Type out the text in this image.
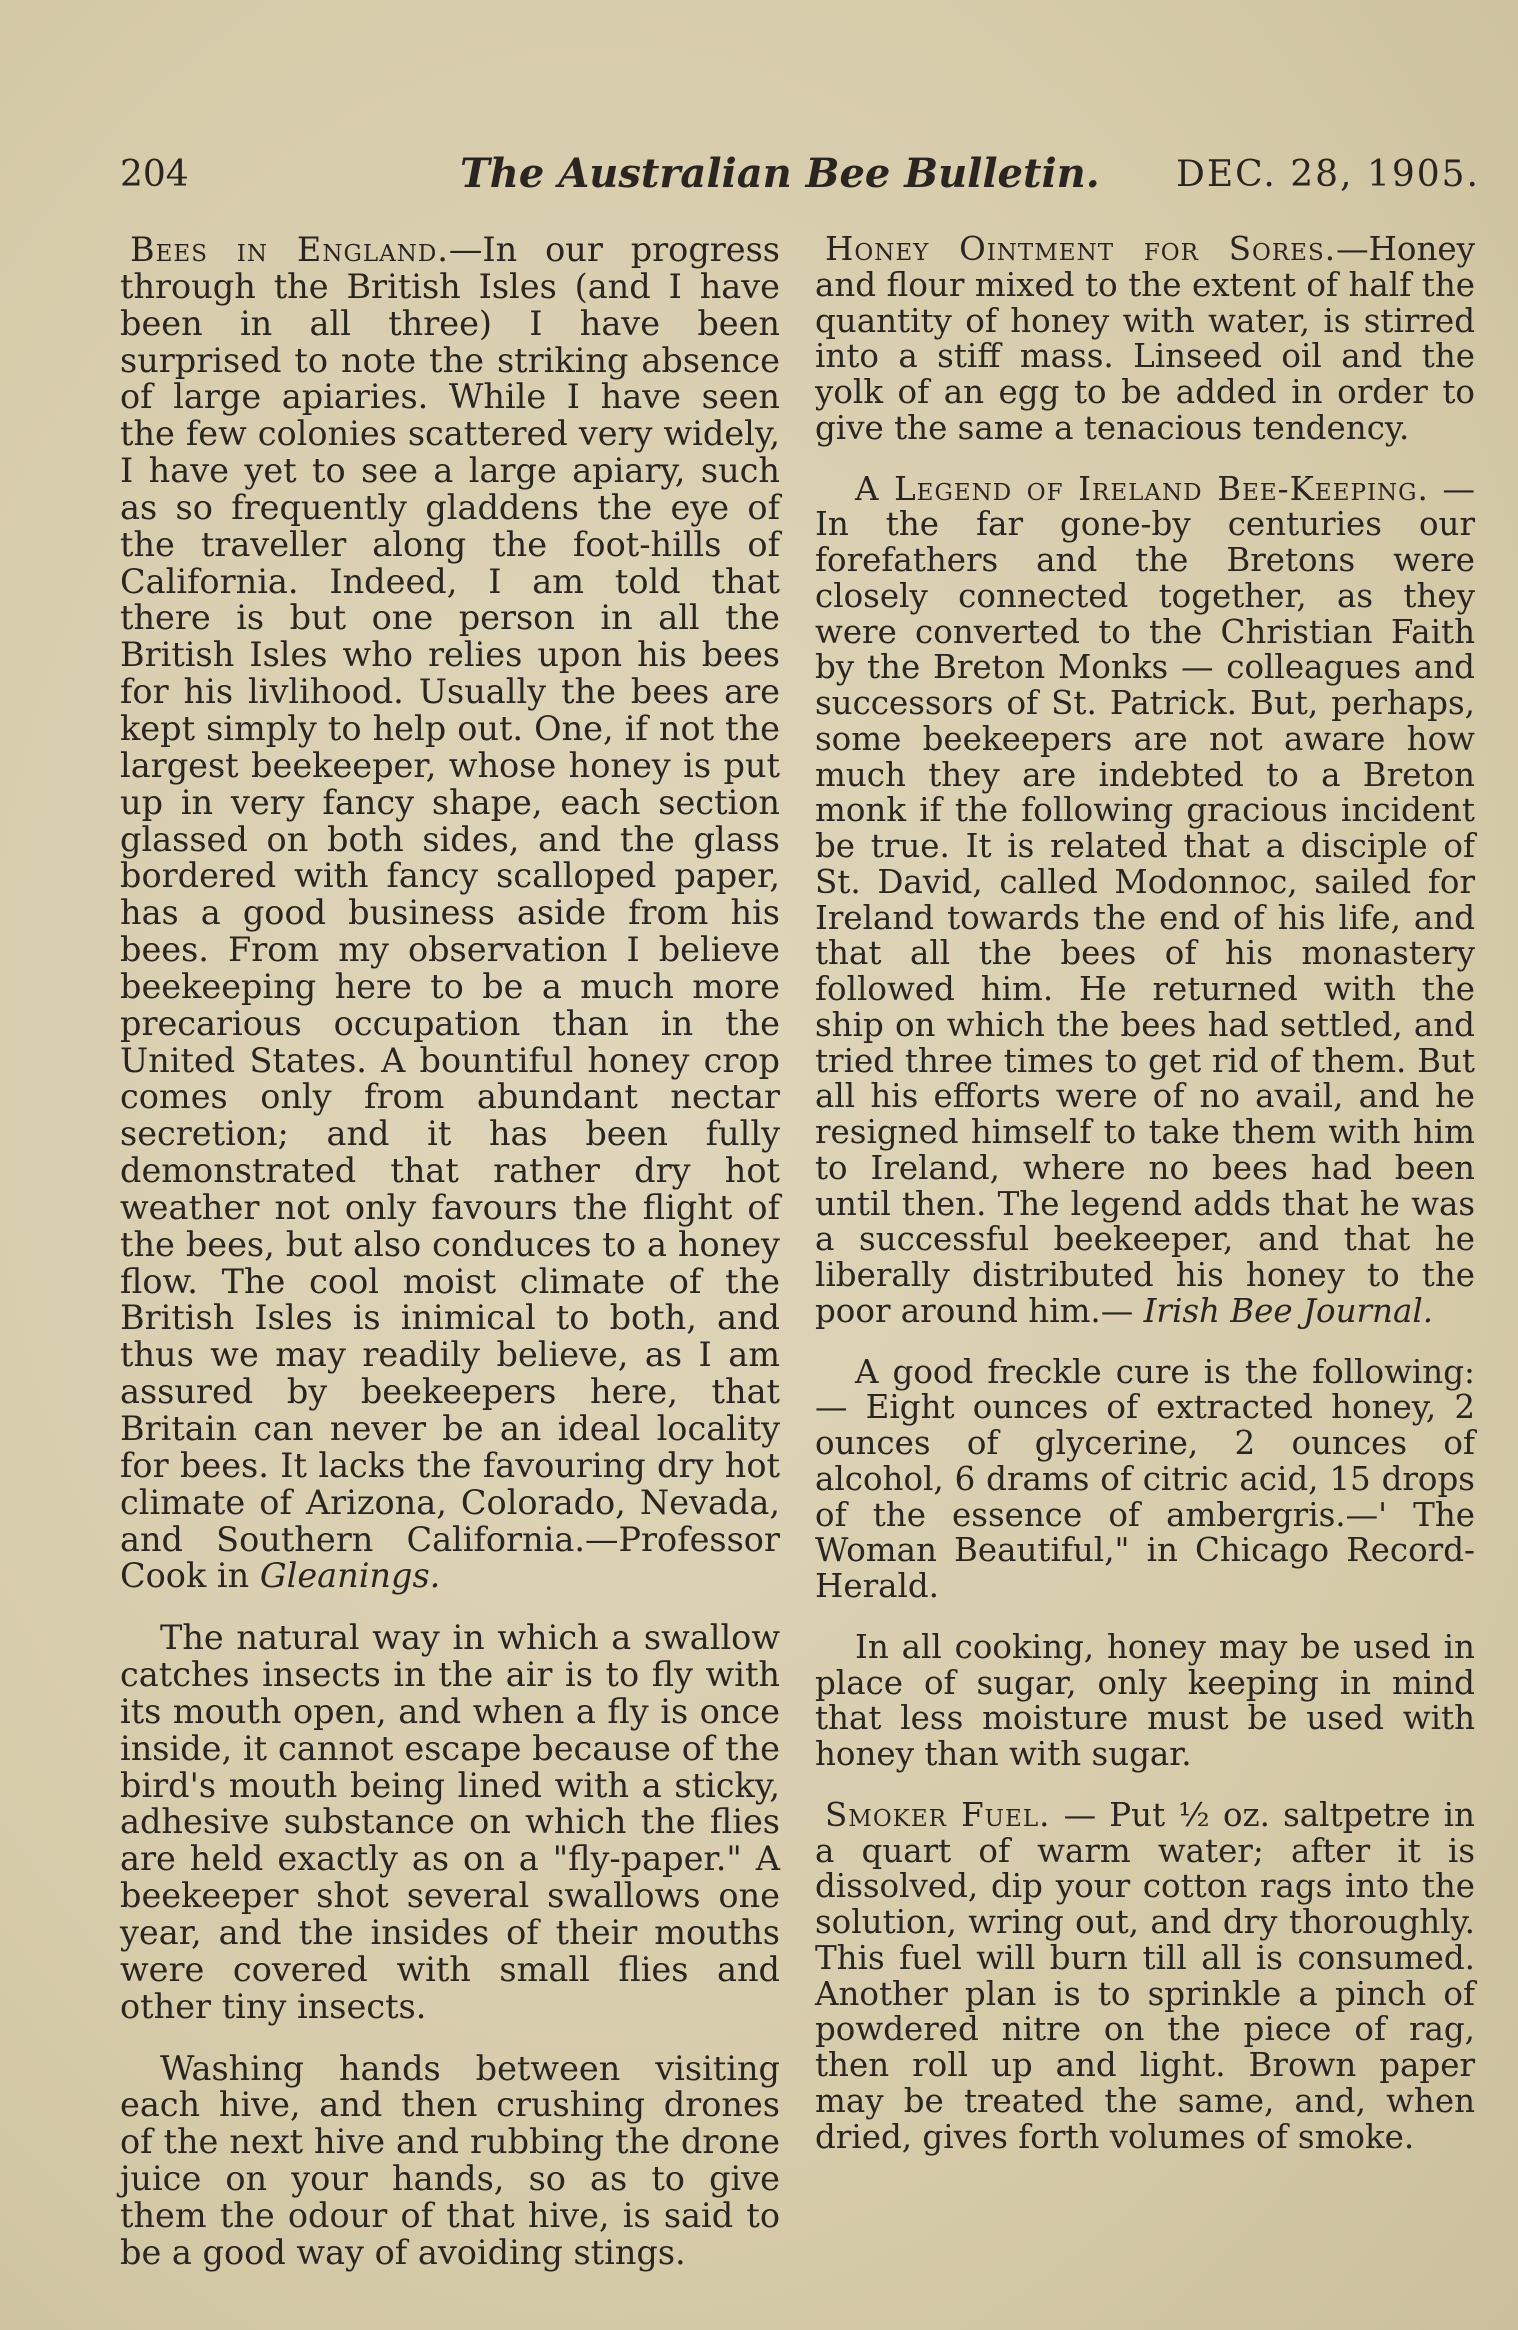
204	The Australian Bee Bulletin. DEC. 28, 1905.

Bees in England.—In our progress through the British Isles (and I have been in all three) I have been surprised to note the striking absence of large apiaries. While I have seen the few colonies scattered very widely, I have yet to see a large apiary, such as so frequently gladdens the eye of the traveller along the foot-hills of California. Indeed, I am told that there is but one person in all the British Isles who relies upon his bees for his livlihood. Usually the bees are kept simply to help out. One, if not the largest beekeeper, whose honey is put up in very fancy shape, each section glassed on both sides, and the glass bordered with fancy scalloped paper, has a good business aside from his bees. From my observation I believe beekeeping here to be a much more precarious occupation than in the United States. A bountiful honey crop comes only from abundant nectar secretion; and it has been fully demonstrated that rather dry hot weather not only favours the flight of the bees, but also conduces to a honey flow. The cool moist climate of the British Isles is inimical to both, and thus we may readily believe, as I am assured by beekeepers here, that Britain can never be an ideal locality for bees. It lacks the favouring dry hot climate of Arizona, Colorado, Nevada, and Southern California.—Professor Cook in Gleanings.

The natural way in which a swallow catches insects in the air is to fly with its mouth open, and when a fly is once inside, it cannot escape because of the bird's mouth being lined with a sticky, adhesive substance on which the flies are held exactly as on a "fly-paper." A beekeeper shot several swallows one year, and the insides of their mouths were covered with small flies and other tiny insects.

Washing hands between visiting each hive, and then crushing drones of the next hive and rubbing the drone juice on your hands, so as to give them the odour of that hive, is said to be a good way of avoiding stings.

Honey Ointment for Sores.—Honey and flour mixed to the extent of half the quantity of honey with water, is stirred into a stiff mass. Linseed oil and the yolk of an egg to be added in order to give the same a tenacious tendency.

A Legend of Ireland Bee-Keeping. — In the far gone-by centuries our forefathers and the Bretons were closely connected together, as they were converted to the Christian Faith by the Breton Monks — colleagues and successors of St. Patrick. But, perhaps, some beekeepers are not aware how much they are indebted to a Breton monk if the following gracious incident be true. It is related that a disciple of St. David, called Modonnoc, sailed for Ireland towards the end of his life, and that all the bees of his monastery followed him. He returned with the ship on which the bees had settled, and tried three times to get rid of them. But all his efforts were of no avail, and he resigned himself to take them with him to Ireland, where no bees had been until then. The legend adds that he was a successful beekeeper, and that he liberally distributed his honey to the poor around him.— Irish Bee Journal.

A good freckle cure is the following:— Eight ounces of extracted honey, 2 ounces of glycerine, 2 ounces of alcohol, 6 drams of citric acid, 15 drops of the essence of ambergris.—' The Woman Beautiful," in Chicago Record-Herald.

In all cooking, honey may be used in place of sugar, only keeping in mind that less moisture must be used with honey than with sugar.

Smoker Fuel. — Put ½ oz. saltpetre in a quart of warm water; after it is dissolved, dip your cotton rags into the solution, wring out, and dry thoroughly. This fuel will burn till all is consumed. Another plan is to sprinkle a pinch of powdered nitre on the piece of rag, then roll up and light. Brown paper may be treated the same, and, when dried, gives forth volumes of smoke.
